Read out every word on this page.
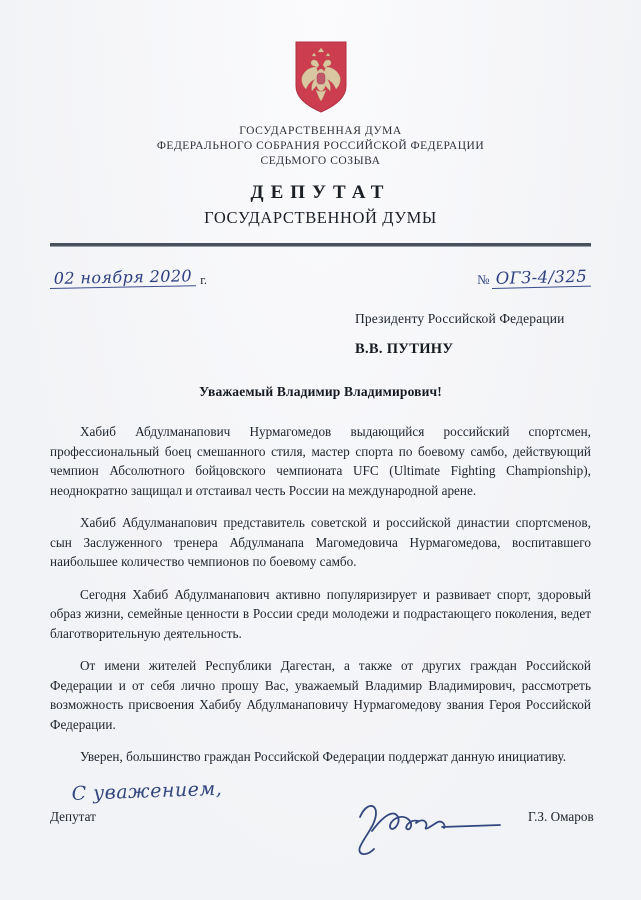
ГОСУДАРСТВЕННАЯ ДУМА
ФЕДЕРАЛЬНОГО СОБРАНИЯ РОССИЙСКОЙ ФЕДЕРАЦИИ
СЕДЬМОГО СОЗЫВА
ДЕПУТАТ
ГОСУДАРСТВЕННОЙ ДУМЫ
02 ноября 2020 г.	№ ОГЗ-4/325
Президенту Российской Федерации
В.В. ПУТИНУ
Уважаемый Владимир Владимирович!

Хабиб Абдулманапович Нурмагомедов выдающийся российский спортсмен, профессиональный боец смешанного стиля, мастер спорта по боевому самбо, действующий чемпион Абсолютного бойцовского чемпионата UFC (Ultimate Fighting Championship), неоднократно защищал и отстаивал честь России на международной арене.

Хабиб Абдулманапович представитель советской и российской династии спортсменов, сын Заслуженного тренера Абдулманапа Магомедовича Нурмагомедова, воспитавшего наибольшее количество чемпионов по боевому самбо.

Сегодня Хабиб Абдулманапович активно популяризирует и развивает спорт, здоровый образ жизни, семейные ценности в России среди молодежи и подрастающего поколения, ведет благотворительную деятельность.

От имени жителей Республики Дагестан, а также от других граждан Российской Федерации и от себя лично прошу Вас, уважаемый Владимир Владимирович, рассмотреть возможность присвоения Хабибу Абдулманаповичу Нурмагомедову звания Героя Российской Федерации.

Уверен, большинство граждан Российской Федерации поддержат данную инициативу.

С уважением,
Депутат	Г.З. Омаров
